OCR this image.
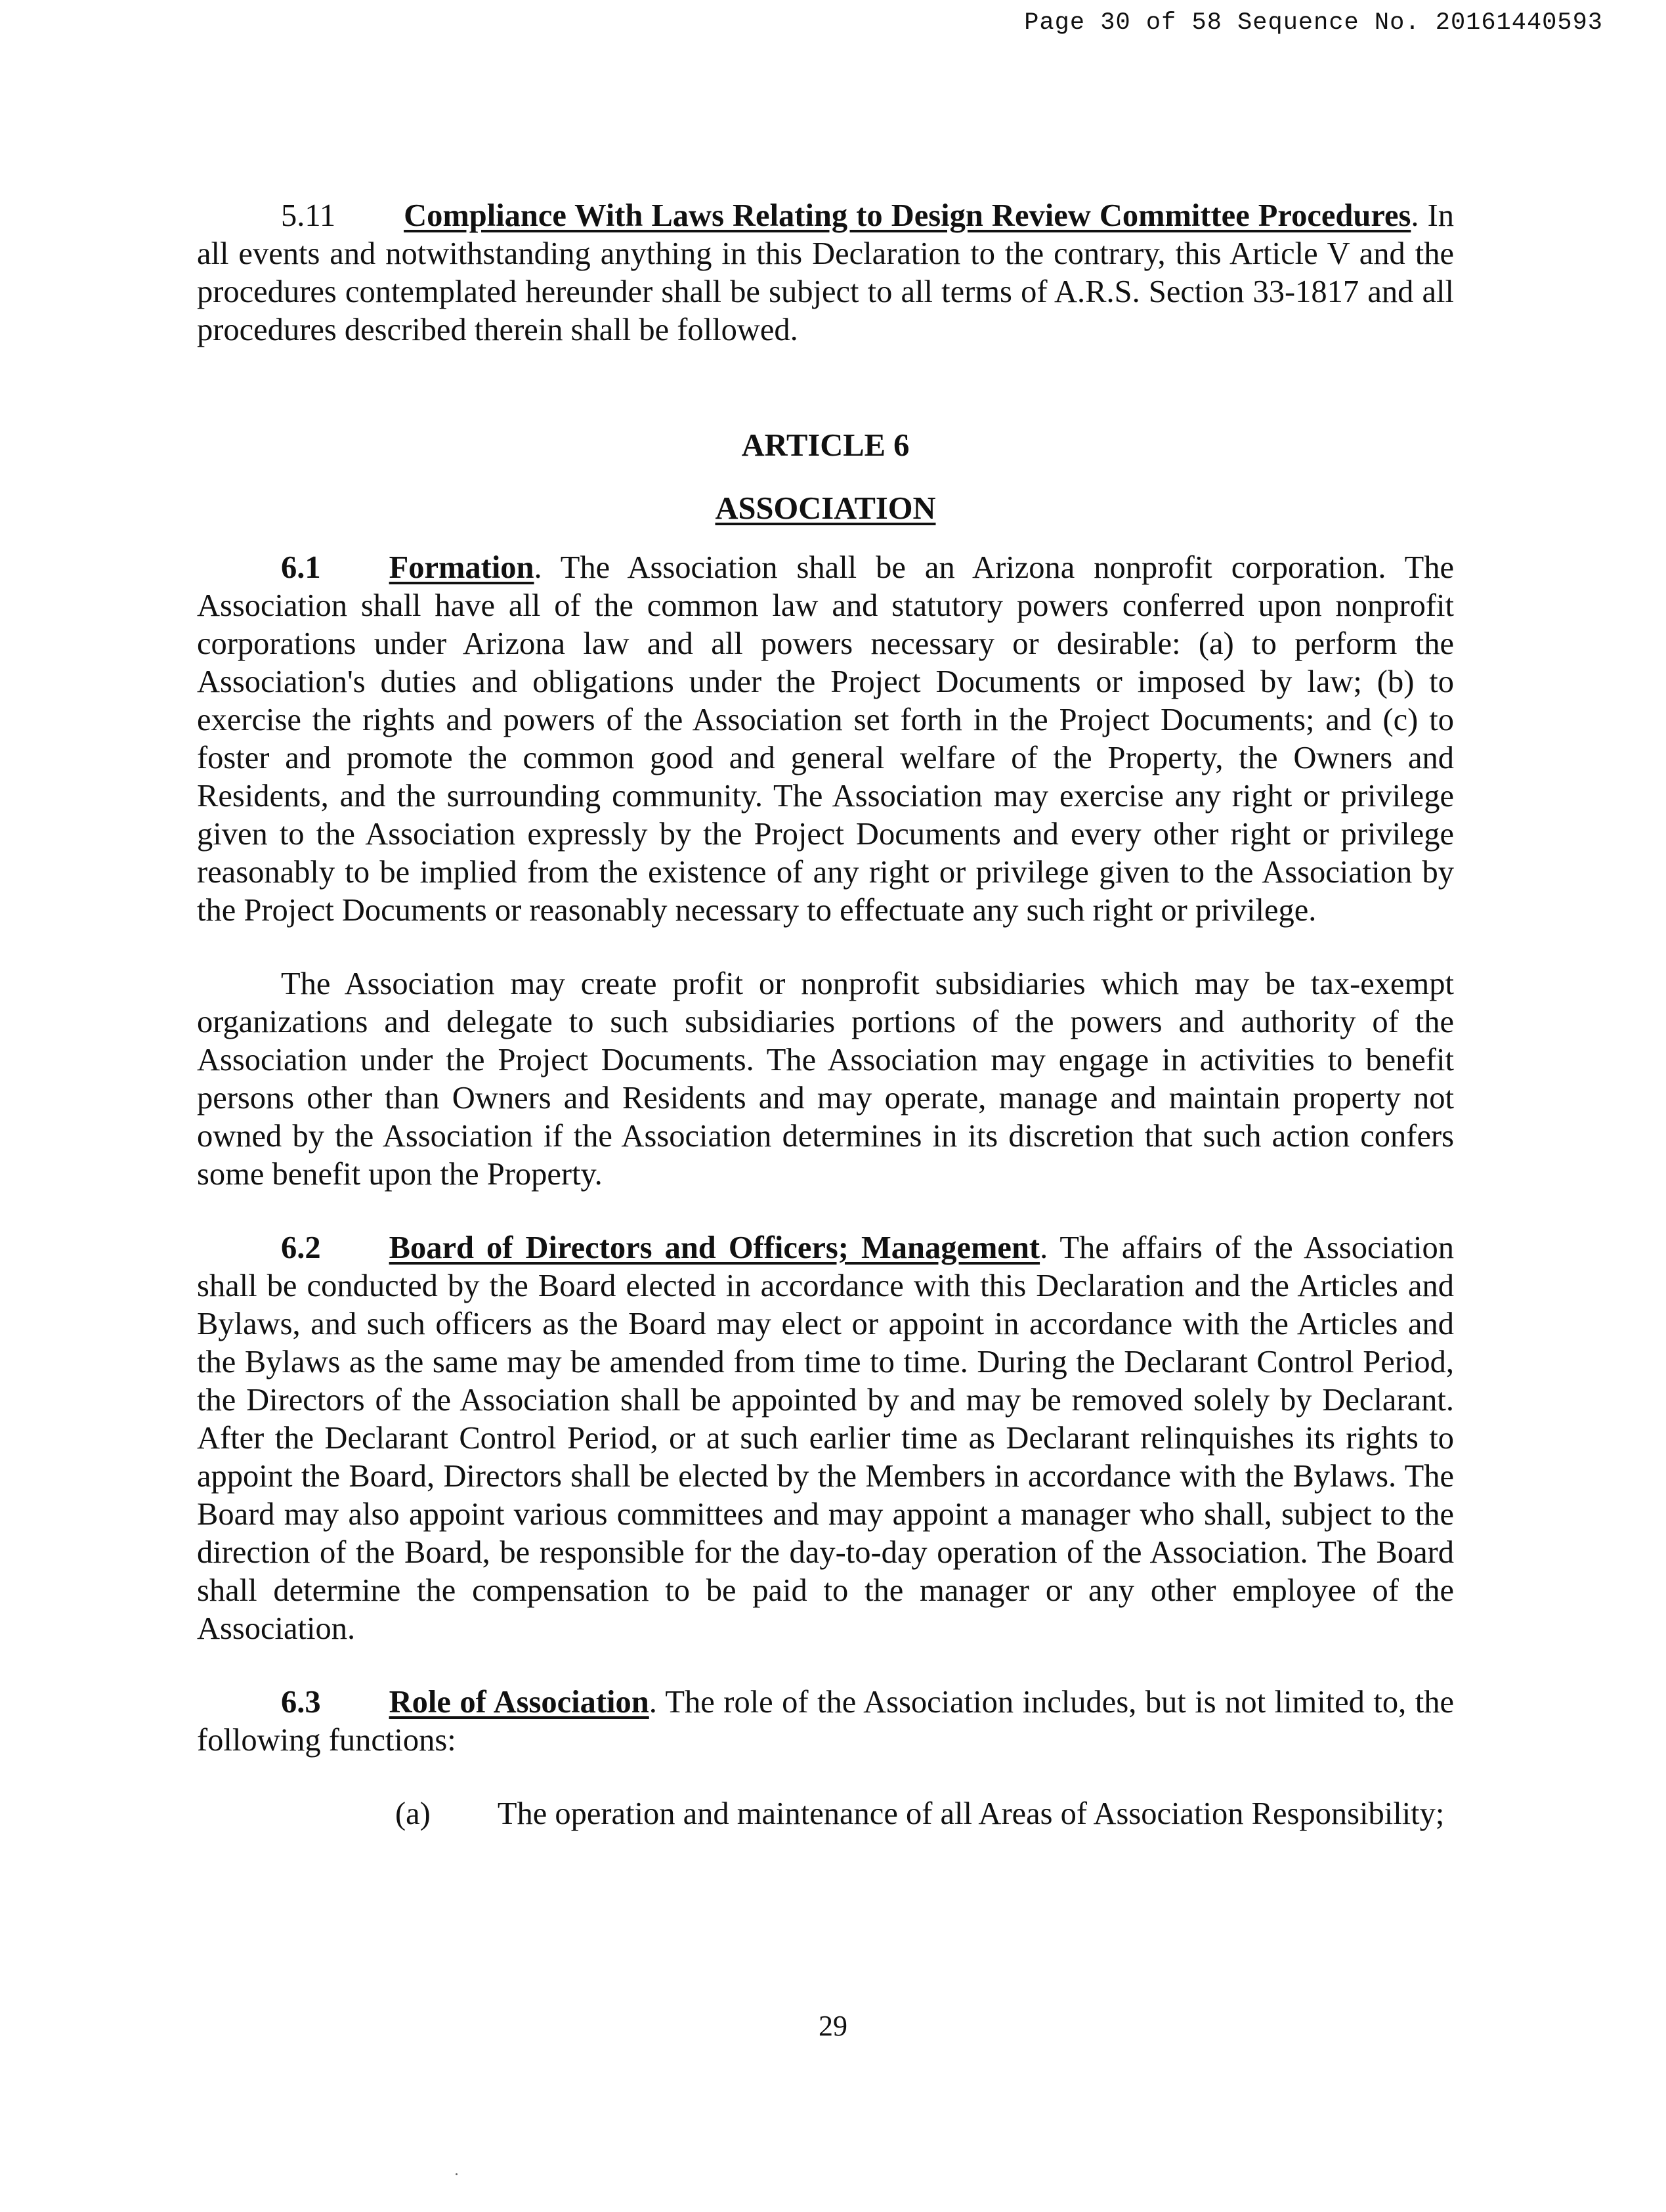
Page 30 of 58 Sequence No. 20161440593

5.11 Compliance With Laws Relating to Design Review Committee Procedures. In all events and notwithstanding anything in this Declaration to the contrary, this Article V and the procedures contemplated hereunder shall be subject to all terms of A.R.S. Section 33-1817 and all procedures described therein shall be followed.

ARTICLE 6
ASSOCIATION

6.1 Formation. The Association shall be an Arizona nonprofit corporation. The Association shall have all of the common law and statutory powers conferred upon nonprofit corporations under Arizona law and all powers necessary or desirable: (a) to perform the Association's duties and obligations under the Project Documents or imposed by law; (b) to exercise the rights and powers of the Association set forth in the Project Documents; and (c) to foster and promote the common good and general welfare of the Property, the Owners and Residents, and the surrounding community. The Association may exercise any right or privilege given to the Association expressly by the Project Documents and every other right or privilege reasonably to be implied from the existence of any right or privilege given to the Association by the Project Documents or reasonably necessary to effectuate any such right or privilege.

The Association may create profit or nonprofit subsidiaries which may be tax-exempt organizations and delegate to such subsidiaries portions of the powers and authority of the Association under the Project Documents. The Association may engage in activities to benefit persons other than Owners and Residents and may operate, manage and maintain property not owned by the Association if the Association determines in its discretion that such action confers some benefit upon the Property.

6.2 Board of Directors and Officers; Management. The affairs of the Association shall be conducted by the Board elected in accordance with this Declaration and the Articles and Bylaws, and such officers as the Board may elect or appoint in accordance with the Articles and the Bylaws as the same may be amended from time to time. During the Declarant Control Period, the Directors of the Association shall be appointed by and may be removed solely by Declarant. After the Declarant Control Period, or at such earlier time as Declarant relinquishes its rights to appoint the Board, Directors shall be elected by the Members in accordance with the Bylaws. The Board may also appoint various committees and may appoint a manager who shall, subject to the direction of the Board, be responsible for the day-to-day operation of the Association. The Board shall determine the compensation to be paid to the manager or any other employee of the Association.

6.3 Role of Association. The role of the Association includes, but is not limited to, the following functions:

(a) The operation and maintenance of all Areas of Association Responsibility;
29
